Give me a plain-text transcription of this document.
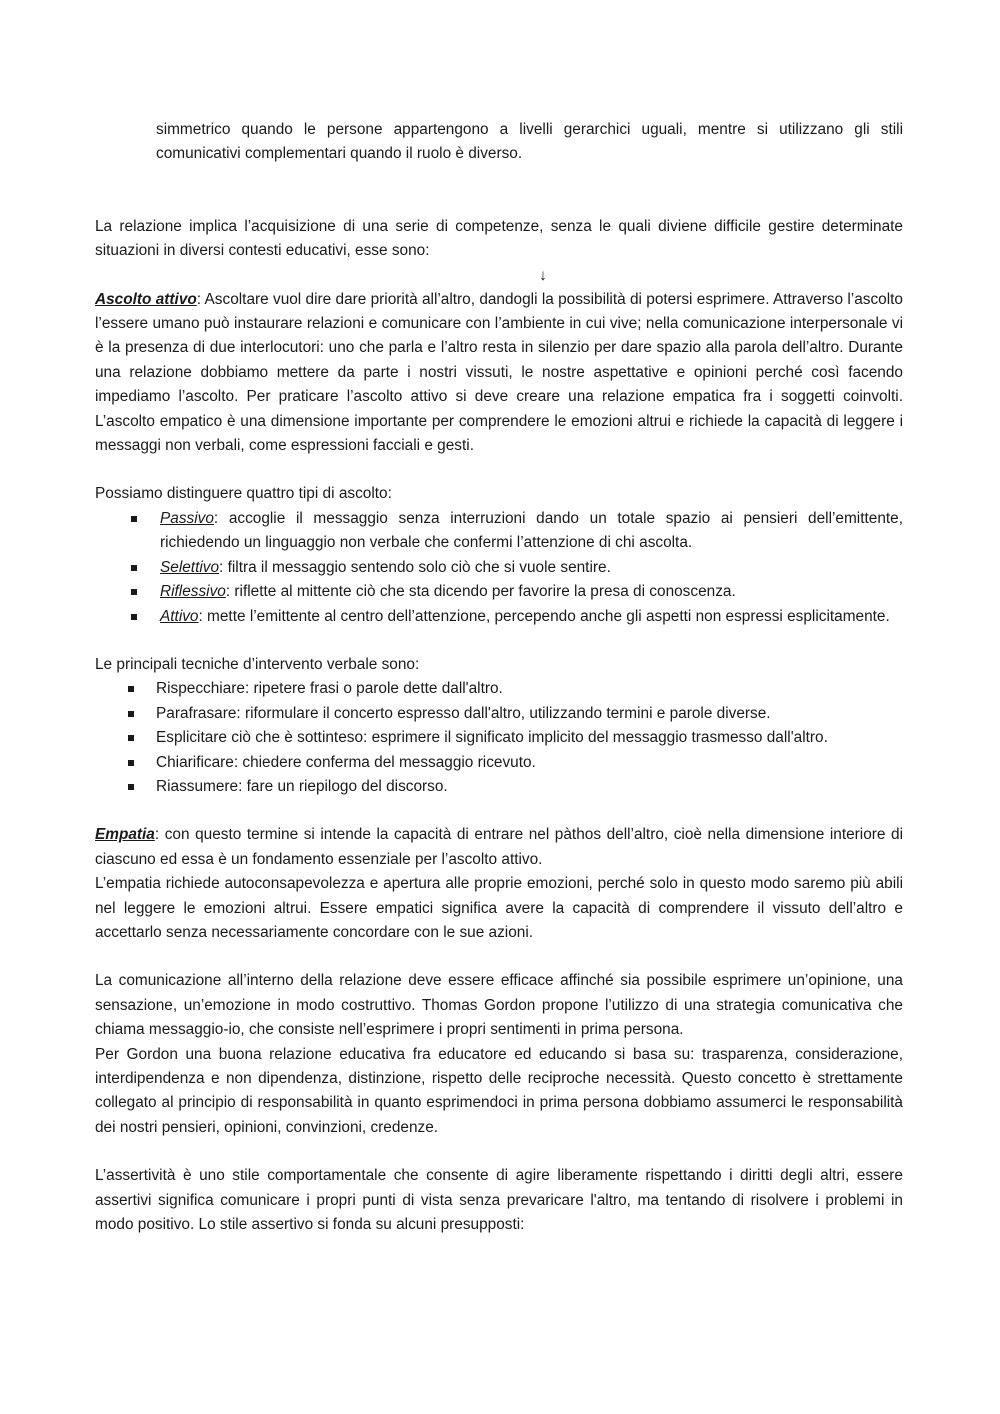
simmetrico quando le persone appartengono a livelli gerarchici uguali, mentre si utilizzano gli stili comunicativi complementari quando il ruolo è diverso.

La relazione implica l’acquisizione di una serie di competenze, senza le quali diviene difficile gestire determinate situazioni in diversi contesti educativi, esse sono:

↓

Ascolto attivo: Ascoltare vuol dire dare priorità all’altro, dandogli la possibilità di potersi esprimere. Attraverso l’ascolto l’essere umano può instaurare relazioni e comunicare con l’ambiente in cui vive; nella comunicazione interpersonale vi è la presenza di due interlocutori: uno che parla e l’altro resta in silenzio per dare spazio alla parola dell’altro. Durante una relazione dobbiamo mettere da parte i nostri vissuti, le nostre aspettative e opinioni perché così facendo impediamo l’ascolto. Per praticare l’ascolto attivo si deve creare una relazione empatica fra i soggetti coinvolti. L’ascolto empatico è una dimensione importante per comprendere le emozioni altrui e richiede la capacità di leggere i messaggi non verbali, come espressioni facciali e gesti.

Possiamo distinguere quattro tipi di ascolto:

Passivo: accoglie il messaggio senza interruzioni dando un totale spazio ai pensieri dell’emittente, richiedendo un linguaggio non verbale che confermi l’attenzione di chi ascolta.
Selettivo: filtra il messaggio sentendo solo ciò che si vuole sentire.
Riflessivo: riflette al mittente ciò che sta dicendo per favorire la presa di conoscenza.
Attivo: mette l’emittente al centro dell’attenzione, percependo anche gli aspetti non espressi esplicitamente.

Le principali tecniche d’intervento verbale sono:

Rispecchiare: ripetere frasi o parole dette dall'altro.
Parafrasare: riformulare il concerto espresso dall'altro, utilizzando termini e parole diverse.
Esplicitare ciò che è sottinteso: esprimere il significato implicito del messaggio trasmesso dall'altro.
Chiarificare: chiedere conferma del messaggio ricevuto.
Riassumere: fare un riepilogo del discorso.

Empatia: con questo termine si intende la capacità di entrare nel pàthos dell’altro, cioè nella dimensione interiore di ciascuno ed essa è un fondamento essenziale per l’ascolto attivo.

L’empatia richiede autoconsapevolezza e apertura alle proprie emozioni, perché solo in questo modo saremo più abili nel leggere le emozioni altrui. Essere empatici significa avere la capacità di comprendere il vissuto dell’altro e accettarlo senza necessariamente concordare con le sue azioni.

La comunicazione all’interno della relazione deve essere efficace affinché sia possibile esprimere un’opinione, una sensazione, un’emozione in modo costruttivo. Thomas Gordon propone l’utilizzo di una strategia comunicativa che chiama messaggio-io, che consiste nell’esprimere i propri sentimenti in prima persona.

Per Gordon una buona relazione educativa fra educatore ed educando si basa su: trasparenza, considerazione, interdipendenza e non dipendenza, distinzione, rispetto delle reciproche necessità. Questo concetto è strettamente collegato al principio di responsabilità in quanto esprimendoci in prima persona dobbiamo assumerci le responsabilità dei nostri pensieri, opinioni, convinzioni, credenze.

L’assertività è uno stile comportamentale che consente di agire liberamente rispettando i diritti degli altri, essere assertivi significa comunicare i propri punti di vista senza prevaricare l'altro, ma tentando di risolvere i problemi in modo positivo. Lo stile assertivo si fonda su alcuni presupposti:
